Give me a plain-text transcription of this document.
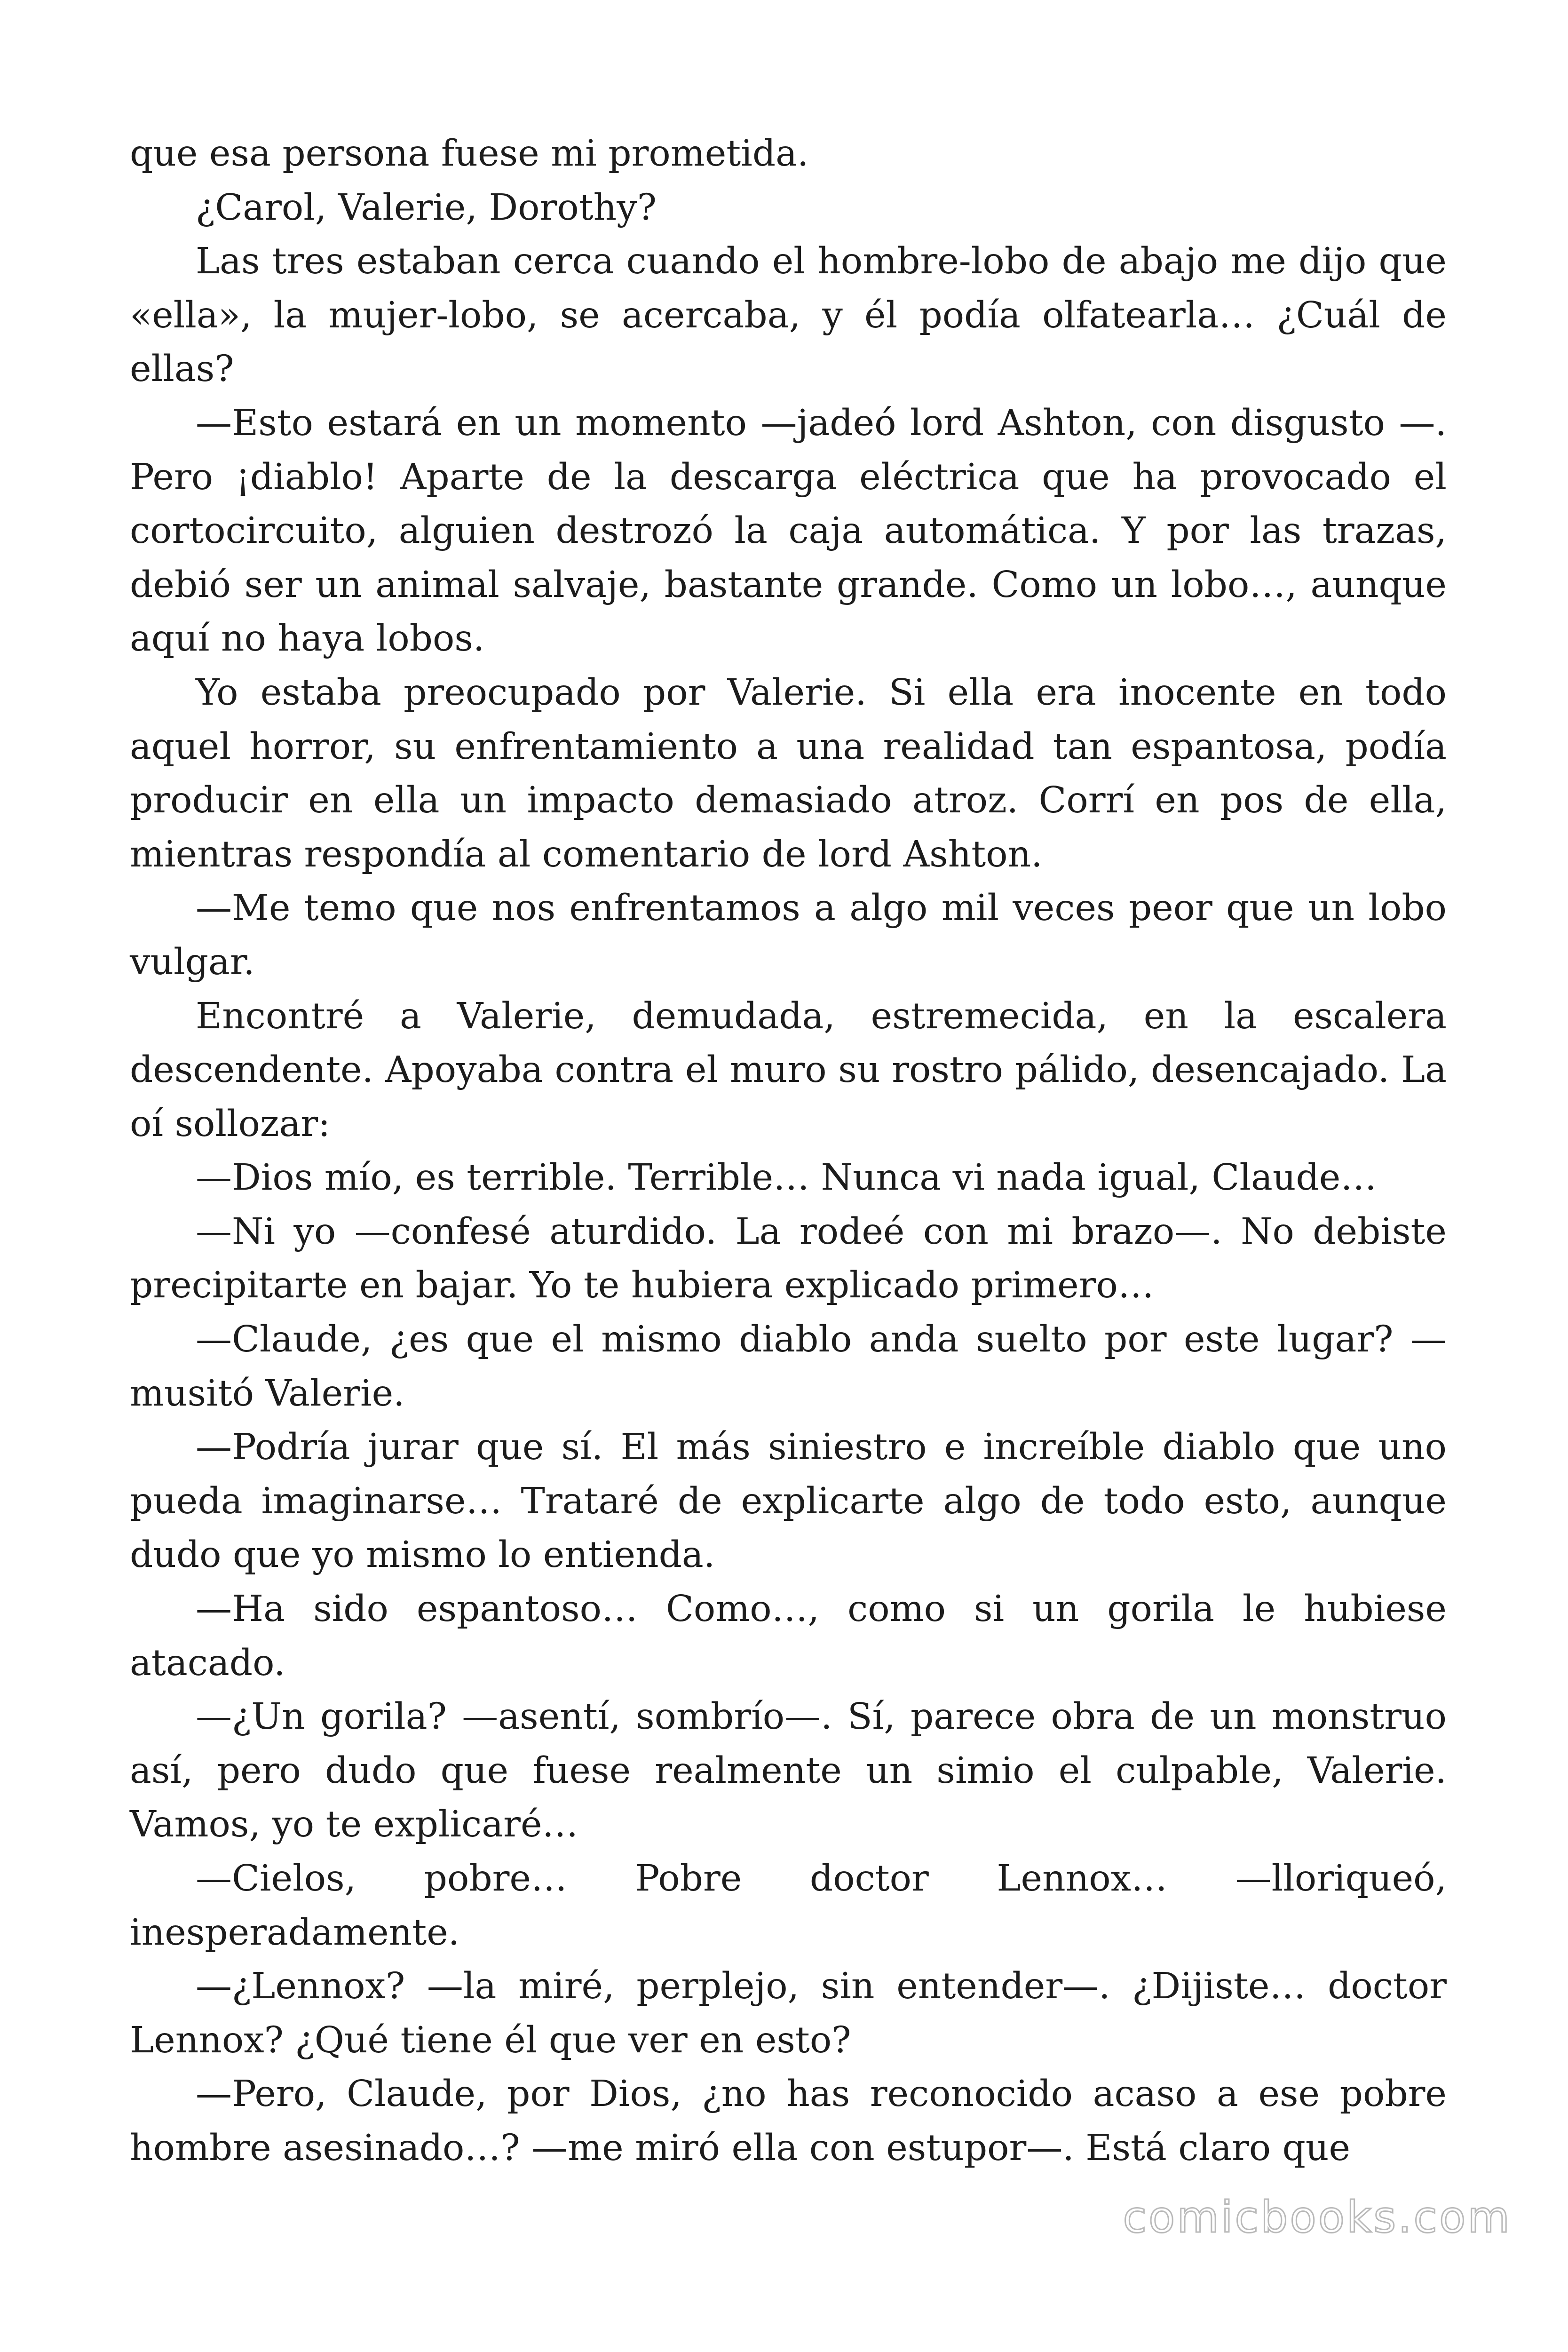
que esa persona fuese mi prometida.

¿Carol, Valerie, Dorothy?

Las tres estaban cerca cuando el hombre-lobo de abajo me dijo que «ella», la mujer-lobo, se acercaba, y él podía olfatearla… ¿Cuál de ellas?

—Esto estará en un momento —jadeó lord Ashton, con disgusto —. Pero ¡diablo! Aparte de la descarga eléctrica que ha provocado el cortocircuito, alguien destrozó la caja automática. Y por las trazas, debió ser un animal salvaje, bastante grande. Como un lobo…, aunque aquí no haya lobos.

Yo estaba preocupado por Valerie. Si ella era inocente en todo aquel horror, su enfrentamiento a una realidad tan espantosa, podía producir en ella un impacto demasiado atroz. Corrí en pos de ella, mientras respondía al comentario de lord Ashton.

—Me temo que nos enfrentamos a algo mil veces peor que un lobo vulgar.

Encontré a Valerie, demudada, estremecida, en la escalera descendente. Apoyaba contra el muro su rostro pálido, desencajado. La oí sollozar:

—Dios mío, es terrible. Terrible… Nunca vi nada igual, Claude…

—Ni yo —confesé aturdido. La rodeé con mi brazo—. No debiste precipitarte en bajar. Yo te hubiera explicado primero…

—Claude, ¿es que el mismo diablo anda suelto por este lugar? — musitó Valerie.

—Podría jurar que sí. El más siniestro e increíble diablo que uno pueda imaginarse… Trataré de explicarte algo de todo esto, aunque dudo que yo mismo lo entienda.

—Ha sido espantoso… Como…, como si un gorila le hubiese atacado.

—¿Un gorila? —asentí, sombrío—. Sí, parece obra de un monstruo así, pero dudo que fuese realmente un simio el culpable, Valerie. Vamos, yo te explicaré…

—Cielos, pobre… Pobre doctor Lennox… —lloriqueó, inesperadamente.

—¿Lennox? —la miré, perplejo, sin entender—. ¿Dijiste… doctor Lennox? ¿Qué tiene él que ver en esto?

—Pero, Claude, por Dios, ¿no has reconocido acaso a ese pobre hombre asesinado…? —me miró ella con estupor—. Está claro que

comicbooks.com
